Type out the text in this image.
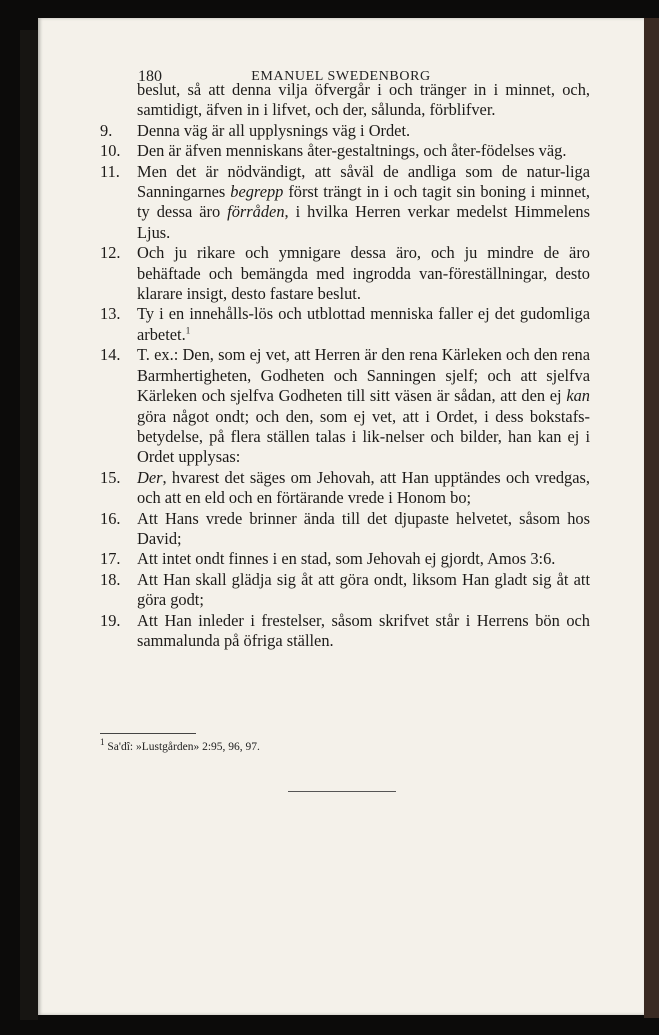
180	EMANUEL SWEDENBORG

beslut, så att denna vilja öfvergår i och tränger in i minnet, och, samtidigt, äfven in i lifvet, och der, sålunda, förblifver.

9.	Denna väg är all upplysnings väg i Ordet.

10.	Den är äfven menniskans åter-gestaltnings, och åter-födelses väg.

11.	Men det är nödvändigt, att såväl de andliga som de natur-liga Sanningarnes begrepp först trängt in i och tagit sin boning i minnet, ty dessa äro förråden, i hvilka Herren verkar medelst Himmelens Ljus.

12.	Och ju rikare och ymnigare dessa äro, och ju mindre de äro behäftade och bemängda med ingrodda van-föreställningar, desto klarare insigt, desto fastare beslut.

13.	Ty i en innehålls-lös och utblottad menniska faller ej det gudomliga arbetet.$^1$

14.	T. ex.: Den, som ej vet, att Herren är den rena Kärleken och den rena Barmhertigheten, Godheten och Sanningen sjelf; och att sjelfva Kärleken och sjelfva Godheten till sitt väsen är sådan, att den ej kan göra något ondt; och den, som ej vet, att i Ordet, i dess bokstafs-betydelse, på flera ställen talas i lik-nelser och bilder, han kan ej i Ordet upplysas:

15.	Der, hvarest det säges om Jehovah, att Han upptändes och vredgas, och att en eld och en förtärande vrede i Honom bo;

16.	Att Hans vrede brinner ända till det djupaste helvetet, såsom hos David;

17.	Att intet ondt finnes i en stad, som Jehovah ej gjordt, Amos 3:6.

18.	Att Han skall glädja sig åt att göra ondt, liksom Han gladt sig åt att göra godt;

19.	Att Han inleder i frestelser, såsom skrifvet står i Herrens bön och sammalunda på öfriga ställen.

$^1$ Sa'dî: »Lustgården» 2:95, 96, 97.
